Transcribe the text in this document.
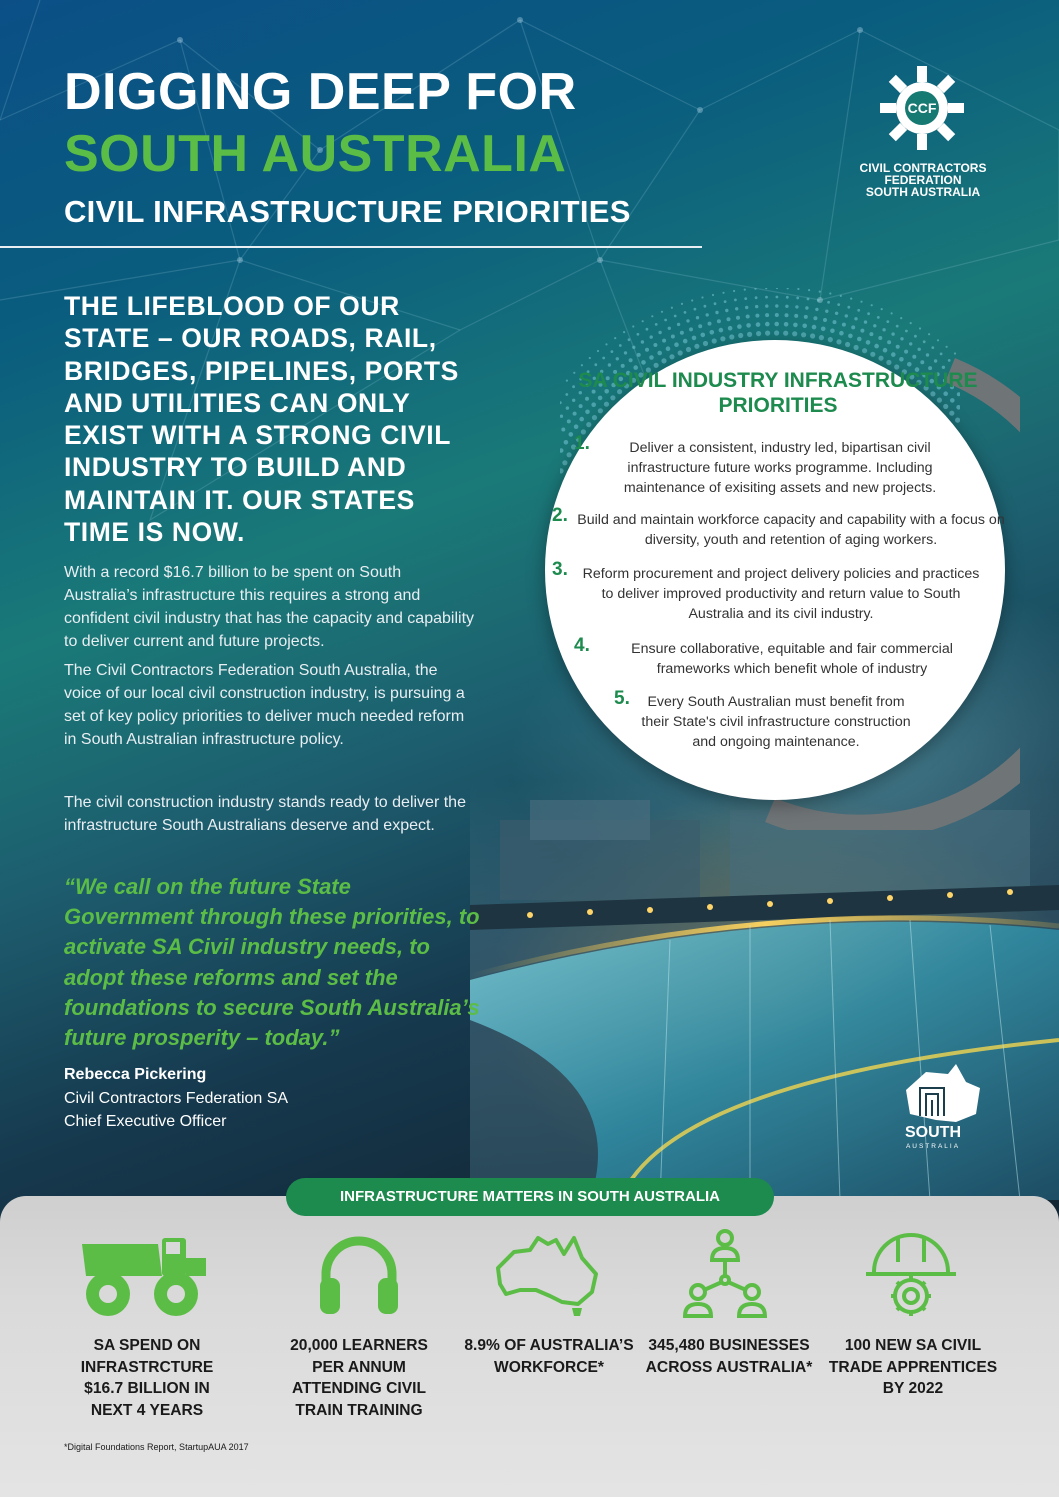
DIGGING DEEP FOR
SOUTH AUSTRALIA
CIVIL INFRASTRUCTURE PRIORITIES
CCF
CIVIL CONTRACTORS
FEDERATION
SOUTH AUSTRALIA
THE LIFEBLOOD OF OUR STATE – OUR ROADS, RAIL, BRIDGES, PIPELINES, PORTS AND UTILITIES CAN ONLY EXIST WITH A STRONG CIVIL INDUSTRY TO BUILD AND MAINTAIN IT. OUR STATES TIME IS NOW.

With a record $16.7 billion to be spent on South Australia’s infrastructure this requires a strong and confident civil industry that has the capacity and capability to deliver current and future projects.

The Civil Contractors Federation South Australia, the voice of our local civil construction industry, is pursuing a set of key policy priorities to deliver much needed reform in South Australian infrastructure policy.

The civil construction industry stands ready to deliver the infrastructure South Australians deserve and expect.

“We call on the future State Government through these priorities, to activate SA Civil industry needs, to adopt these reforms and set the foundations to secure South Australia’s future prosperity – today.”
Rebecca Pickering
Civil Contractors Federation SA
Chief Executive Officer
SA CIVIL INDUSTRY INFRASTRUCTURE PRIORITIES
1.	Deliver a consistent, industry led, bipartisan civil infrastructure future works programme. Including maintenance of exisiting assets and new projects.
2. Build and maintain workforce capacity and capability with a focus on diversity, youth and retention of aging workers.
3.	Reform procurement and project delivery policies and practices to deliver improved productivity and return value to South Australia and its civil industry.
4.	Ensure collaborative, equitable and fair commercial frameworks which benefit whole of industry
5.	Every South Australian must benefit from their State's civil infrastructure construction and ongoing maintenance.
SOUTH
AUSTRALIA
INFRASTRUCTURE MATTERS IN SOUTH AUSTRALIA
SA SPEND ON INFRASTRCTURE $16.7 BILLION IN NEXT 4 YEARS
20,000 LEARNERS PER ANNUM ATTENDING CIVIL TRAIN TRAINING
8.9% OF AUSTRALIA’S WORKFORCE*
345,480 BUSINESSES ACROSS AUSTRALIA*
100 NEW SA CIVIL TRADE APPRENTICES BY 2022
*Digital Foundations Report, StartupAUA 2017
